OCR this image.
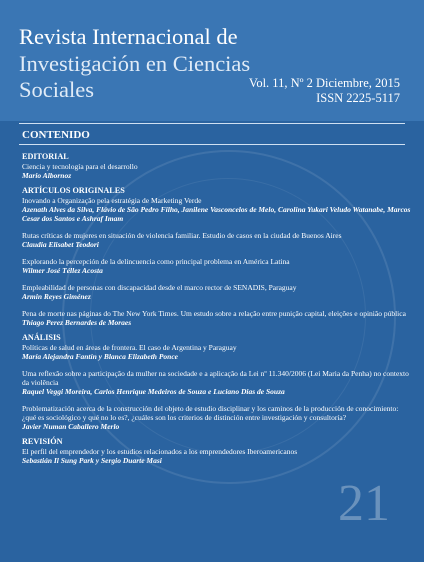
Revista Internacional de
Investigación en Ciencias
Sociales	Vol. 11, Nº 2 Diciembre, 2015
ISSN 2225-5117
CONTENIDO
EDITORIAL
Ciencia y tecnología para el desarrollo
Mario Albornoz
ARTÍCULOS ORIGINALES
Inovando a Organização pela estratégia de Marketing Verde
Azenath Alves da Silva, Flávio de São Pedro Filho, Janilene Vasconcelos de Melo, Carolina Yukari Veludo Watanabe, Marcos Cesar dos Santos e Ashraf Imam
Rutas críticas de mujeres en situación de violencia familiar. Estudio de casos en la ciudad de Buenos Aires
Claudia Elisabet Teodori
Explorando la percepción de la delincuencia como principal problema en América Latina
Wilmer José Téllez Acosta
Empleabilidad de personas con discapacidad desde el marco rector de SENADIS, Paraguay
Armin Reyes Giménez
Pena de morte nas páginas do The New York Times. Um estudo sobre a relação entre punição capital, eleições e opinião pública
Thiago Perez Bernardes de Moraes
ANÁLISIS
Políticas de salud en áreas de frontera. El caso de Argentina y Paraguay
María Alejandra Fantín y Blanca Elizabeth Ponce
Uma reflexão sobre a participação da mulher na sociedade e a aplicação da Lei nº 11.340/2006 (Lei Maria da Penha) no contexto da violência
Raquel Veggi Moreira, Carlos Henrique Medeiros de Souza e Luciano Dias de Souza
Problematización acerca de la construcción del objeto de estudio disciplinar y los caminos de la producción de conocimiento: ¿qué es sociológico y qué no lo es?, ¿cuáles son los criterios de distinción entre investigación y consultoría?
Javier Numan Caballero Merlo
REVISIÓN
El perfil del emprendedor y los estudios relacionados a los emprendedores Iberoamericanos
Sebastián Il Sung Park y Sergio Duarte Masi
21
